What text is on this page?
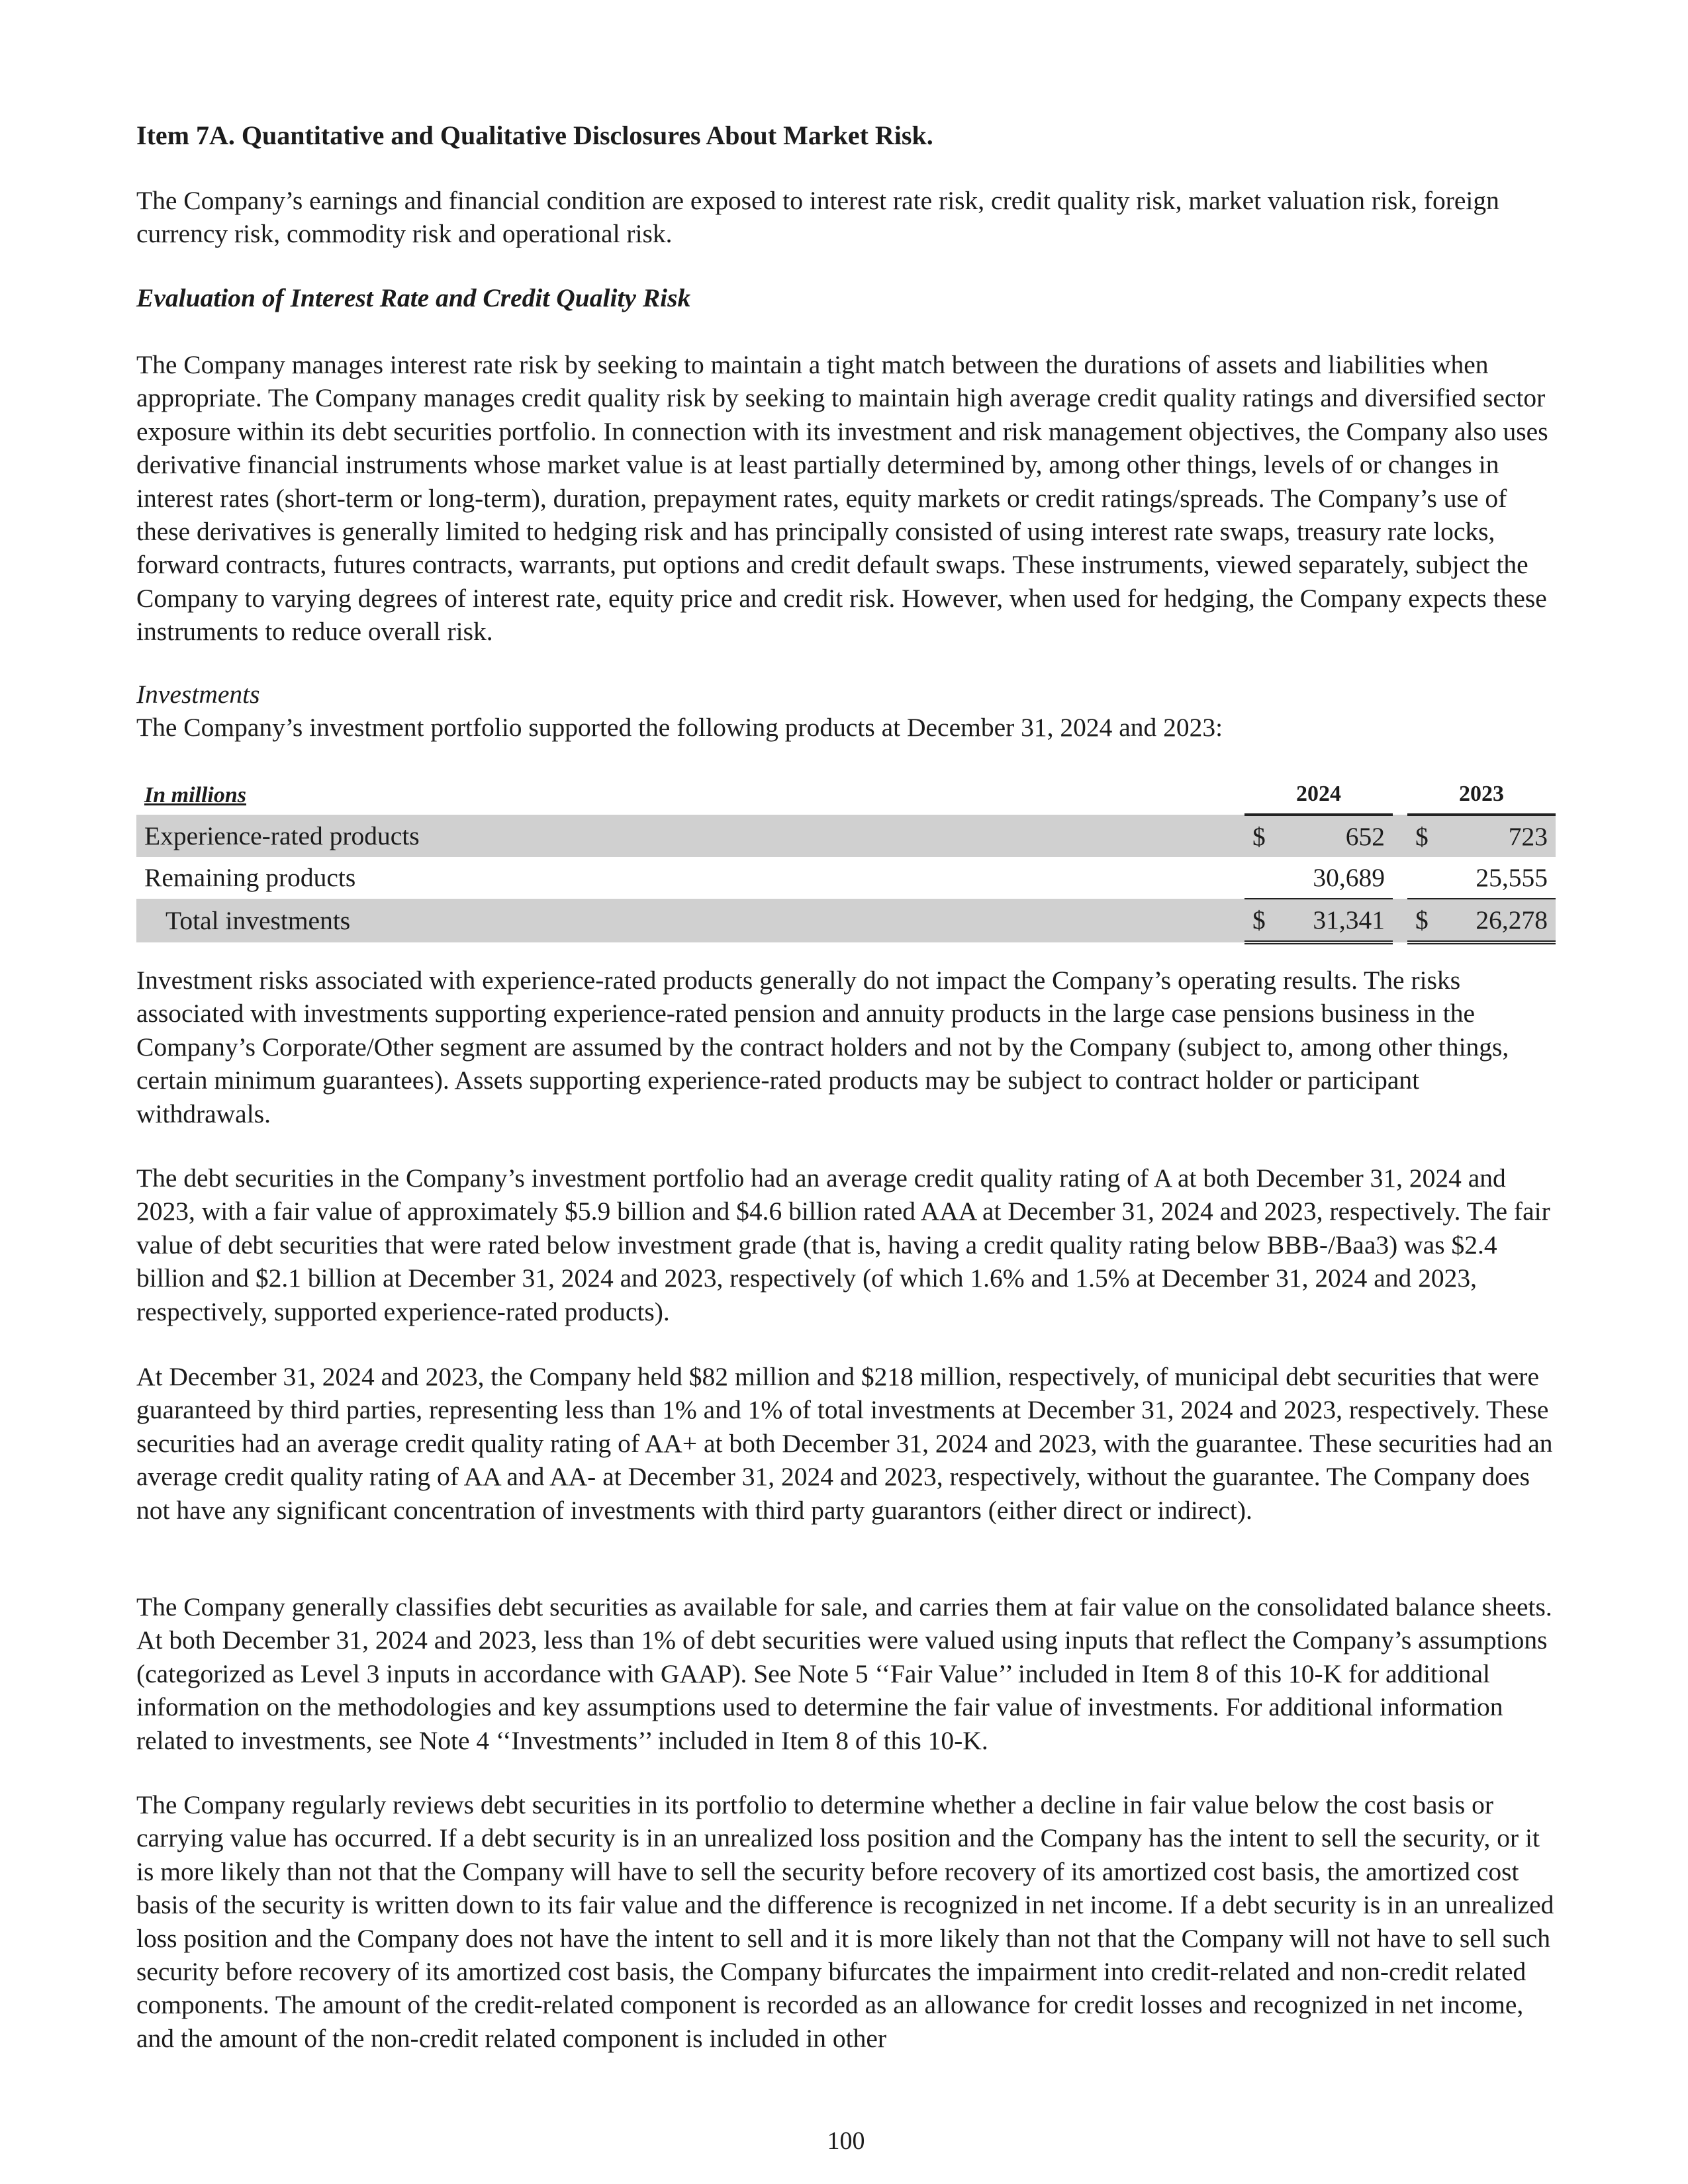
Item 7A. Quantitative and Qualitative Disclosures About Market Risk.

The Company’s earnings and financial condition are exposed to interest rate risk, credit quality risk, market valuation risk, foreign currency risk, commodity risk and operational risk.

Evaluation of Interest Rate and Credit Quality Risk

The Company manages interest rate risk by seeking to maintain a tight match between the durations of assets and liabilities when appropriate. The Company manages credit quality risk by seeking to maintain high average credit quality ratings and diversified sector exposure within its debt securities portfolio. In connection with its investment and risk management objectives, the Company also uses derivative financial instruments whose market value is at least partially determined by, among other things, levels of or changes in interest rates (short-term or long-term), duration, prepayment rates, equity markets or credit ratings/spreads. The Company’s use of these derivatives is generally limited to hedging risk and has principally consisted of using interest rate swaps, treasury rate locks, forward contracts, futures contracts, warrants, put options and credit default swaps. These instruments, viewed separately, subject the Company to varying degrees of interest rate, equity price and credit risk. However, when used for hedging, the Company expects these instruments to reduce overall risk.

Investments

The Company’s investment portfolio supported the following products at December 31, 2024 and 2023:

In millions	2024			2023	
Experience-rated products	$	652		$	723
Remaining products		30,689			25,555
Total investments	$	31,341		$	26,278

Investment risks associated with experience-rated products generally do not impact the Company’s operating results. The risks associated with investments supporting experience-rated pension and annuity products in the large case pensions business in the Company’s Corporate/Other segment are assumed by the contract holders and not by the Company (subject to, among other things, certain minimum guarantees). Assets supporting experience-rated products may be subject to contract holder or participant withdrawals.

The debt securities in the Company’s investment portfolio had an average credit quality rating of A at both December 31, 2024 and 2023, with a fair value of approximately $5.9 billion and $4.6 billion rated AAA at December 31, 2024 and 2023, respectively. The fair value of debt securities that were rated below investment grade (that is, having a credit quality rating below BBB-/Baa3) was $2.4 billion and $2.1 billion at December 31, 2024 and 2023, respectively (of which 1.6% and 1.5% at December 31, 2024 and 2023, respectively, supported experience-rated products).

At December 31, 2024 and 2023, the Company held $82 million and $218 million, respectively, of municipal debt securities that were guaranteed by third parties, representing less than 1% and 1% of total investments at December 31, 2024 and 2023, respectively. These securities had an average credit quality rating of AA+ at both December 31, 2024 and 2023, with the guarantee. These securities had an average credit quality rating of AA and AA- at December 31, 2024 and 2023, respectively, without the guarantee. The Company does not have any significant concentration of investments with third party guarantors (either direct or indirect).

The Company generally classifies debt securities as available for sale, and carries them at fair value on the consolidated balance sheets. At both December 31, 2024 and 2023, less than 1% of debt securities were valued using inputs that reflect the Company’s assumptions (categorized as Level 3 inputs in accordance with GAAP). See Note 5 ‘‘Fair Value’’ included in Item 8 of this 10-K for additional information on the methodologies and key assumptions used to determine the fair value of investments. For additional information related to investments, see Note 4 ‘‘Investments’’ included in Item 8 of this 10-K.

The Company regularly reviews debt securities in its portfolio to determine whether a decline in fair value below the cost basis or carrying value has occurred. If a debt security is in an unrealized loss position and the Company has the intent to sell the security, or it is more likely than not that the Company will have to sell the security before recovery of its amortized cost basis, the amortized cost basis of the security is written down to its fair value and the difference is recognized in net income. If a debt security is in an unrealized loss position and the Company does not have the intent to sell and it is more likely than not that the Company will not have to sell such security before recovery of its amortized cost basis, the Company bifurcates the impairment into credit-related and non-credit related components. The amount of the credit-related component is recorded as an allowance for credit losses and recognized in net income, and the amount of the non-credit related component is included in other

100
